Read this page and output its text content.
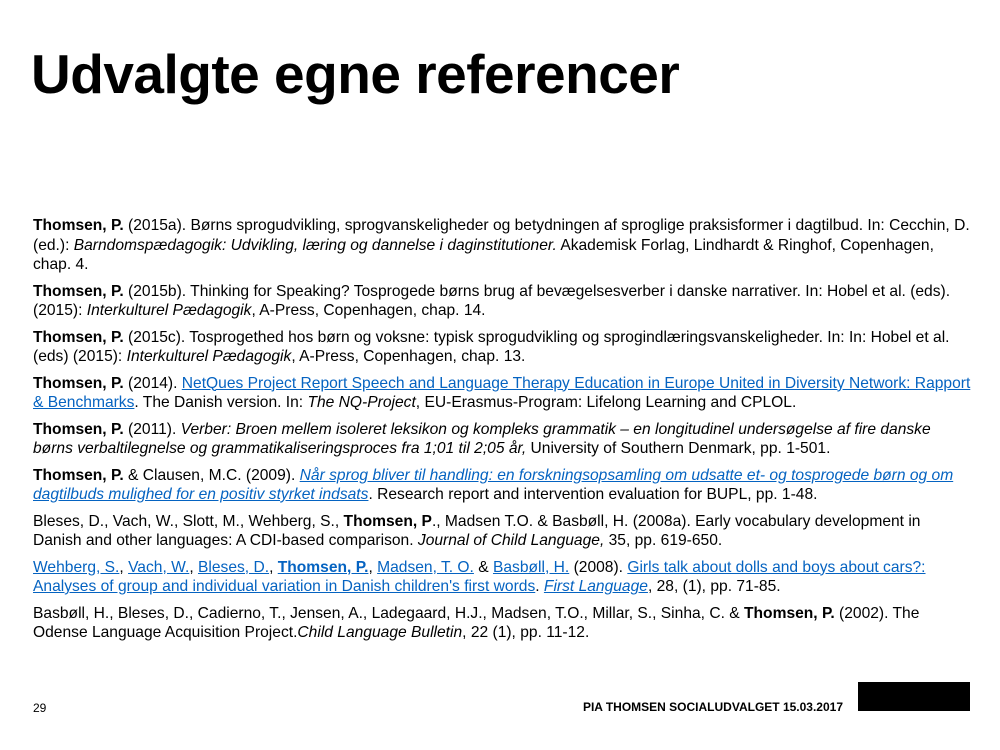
Udvalgte egne referencer

Thomsen, P. (2015a). Børns sprogudvikling, sprogvanskeligheder og betydningen af sproglige praksisformer i dagtilbud. In: Cecchin, D. (ed.): Barndomspædagogik: Udvikling, læring og dannelse i daginstitutioner. Akademisk Forlag, Lindhardt & Ringhof, Copenhagen, chap. 4.

Thomsen, P. (2015b). Thinking for Speaking? Tosprogede børns brug af bevægelsesverber i danske narrativer. In: Hobel et al. (eds). (2015): Interkulturel Pædagogik, A-Press, Copenhagen, chap. 14.

Thomsen, P. (2015c). Tosprogethed hos børn og voksne: typisk sprogudvikling og sprogindlæringsvanskeligheder. In: In: Hobel et al. (eds) (2015): Interkulturel Pædagogik, A-Press, Copenhagen, chap. 13.

Thomsen, P. (2014). NetQues Project Report Speech and Language Therapy Education in Europe United in Diversity Network: Rapport & Benchmarks. The Danish version. In: The NQ-Project, EU-Erasmus-Program: Lifelong Learning and CPLOL.

Thomsen, P. (2011). Verber: Broen mellem isoleret leksikon og kompleks grammatik – en longitudinel undersøgelse af fire danske børns verbaltilegnelse og grammatikaliseringsproces fra 1;01 til 2;05 år, University of Southern Denmark, pp. 1-501.

Thomsen, P. & Clausen, M.C. (2009). Når sprog bliver til handling: en forskningsopsamling om udsatte et- og tosprogede børn og om dagtilbuds mulighed for en positiv styrket indsats. Research report and intervention evaluation for BUPL, pp. 1-48.

Bleses, D., Vach, W., Slott, M., Wehberg, S., Thomsen, P., Madsen T.O. & Basbøll, H. (2008a). Early vocabulary development in Danish and other languages: A CDI-based comparison. Journal of Child Language, 35, pp. 619-650.

Wehberg, S., Vach, W., Bleses, D., Thomsen, P., Madsen, T. O. & Basbøll, H. (2008). Girls talk about dolls and boys about cars?: Analyses of group and individual variation in Danish children's first words. First Language, 28, (1), pp. 71-85.

Basbøll, H., Bleses, D., Cadierno, T., Jensen, A., Ladegaard, H.J., Madsen, T.O., Millar, S., Sinha, C. & Thomsen, P. (2002). The Odense Language Acquisition Project.Child Language Bulletin, 22 (1), pp. 11-12.

29	PIA THOMSEN SOCIALUDVALGET 15.03.2017
